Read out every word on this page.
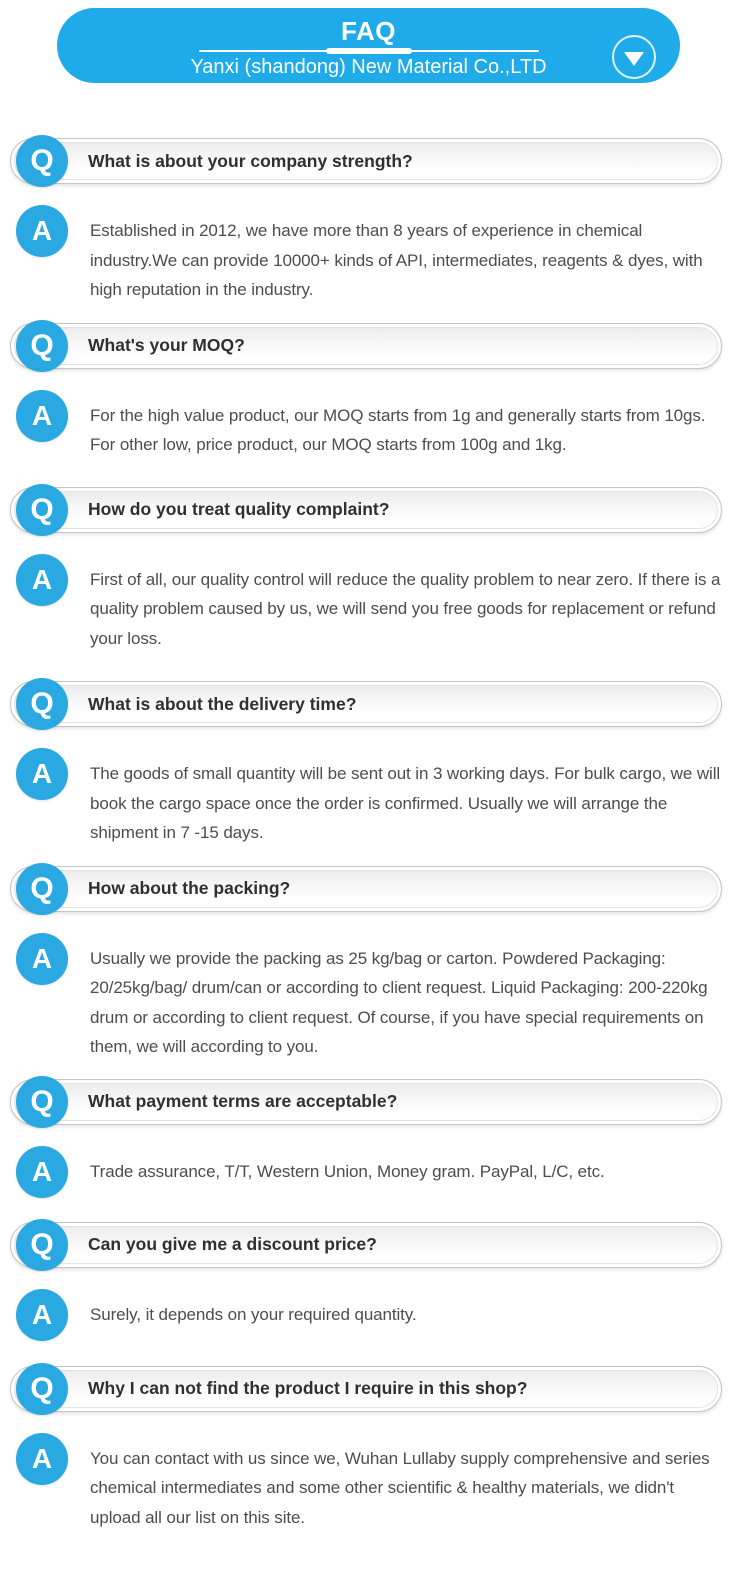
FAQ
Yanxi (shandong) New Material Co.,LTD
Q What is about your company strength?
A Established in 2012, we have more than 8 years of experience in chemical industry.We can provide 10000+ kinds of API, intermediates, reagents & dyes, with high reputation in the industry.
Q What's your MOQ?
A For the high value product, our MOQ starts from 1g and generally starts from 10gs. For other low, price product, our MOQ starts from 100g and 1kg.
Q How do you treat quality complaint?
A First of all, our quality control will reduce the quality problem to near zero. If there is a quality problem caused by us, we will send you free goods for replacement or refund your loss.
Q What is about the delivery time?
A The goods of small quantity will be sent out in 3 working days. For bulk cargo, we will book the cargo space once the order is confirmed. Usually we will arrange the shipment in 7 -15 days.
Q How about the packing?
A Usually we provide the packing as 25 kg/bag or carton. Powdered Packaging: 20/25kg/bag/ drum/can or according to client request. Liquid Packaging: 200-220kg drum or according to client request. Of course, if you have special requirements on them, we will according to you.
Q What payment terms are acceptable?
A Trade assurance, T/T, Western Union, Money gram. PayPal, L/C, etc.
Q Can you give me a discount price?
A Surely, it depends on your required quantity.
Q Why I can not find the product I require in this shop?
A You can contact with us since we, Wuhan Lullaby supply comprehensive and series chemical intermediates and some other scientific & healthy materials, we didn't upload all our list on this site.
